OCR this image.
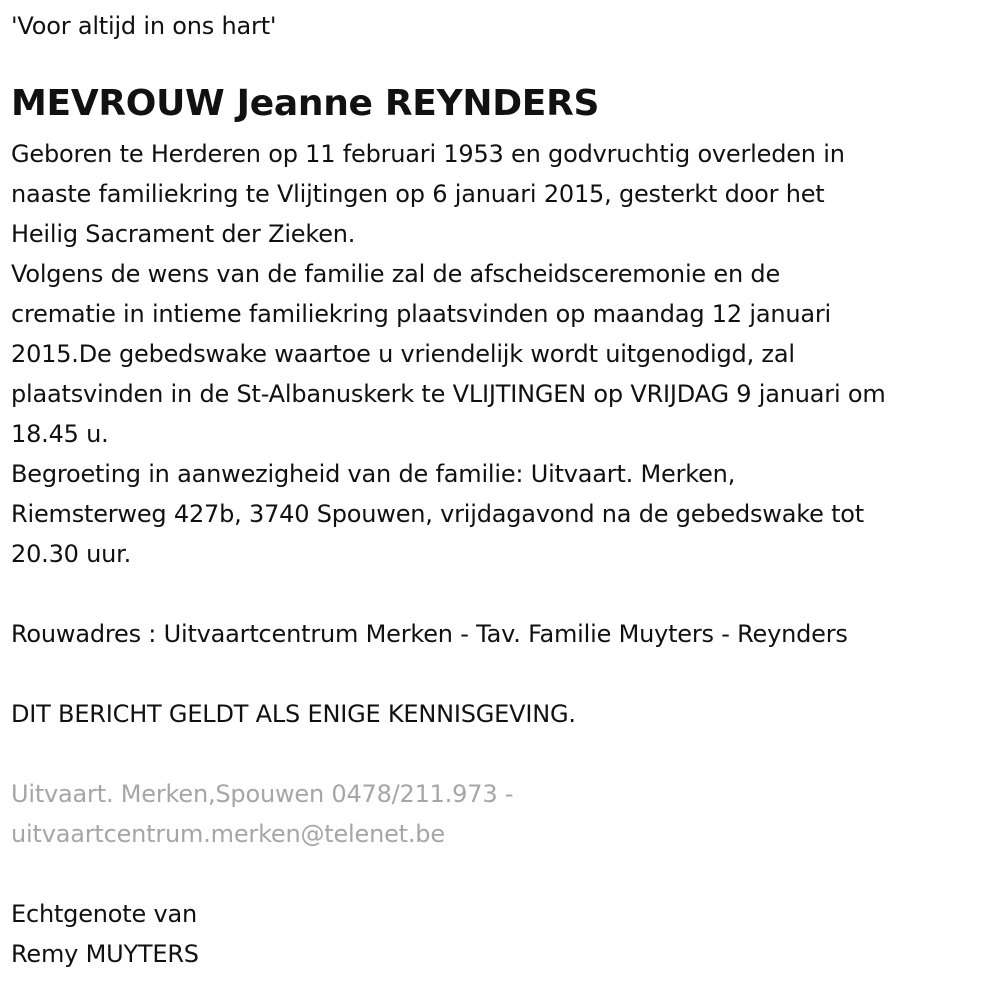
'Voor altijd in ons hart'
MEVROUW Jeanne REYNDERS
Geboren te Herderen op 11 februari 1953 en godvruchtig overleden in
naaste familiekring te Vlijtingen op 6 januari 2015, gesterkt door het
Heilig Sacrament der Zieken.
Volgens de wens van de familie zal de afscheidsceremonie en de
crematie in intieme familiekring plaatsvinden op maandag 12 januari
2015.De gebedswake waartoe u vriendelijk wordt uitgenodigd, zal
plaatsvinden in de St-Albanuskerk te VLIJTINGEN op VRIJDAG 9 januari om
18.45 u.
Begroeting in aanwezigheid van de familie: Uitvaart. Merken,
Riemsterweg 427b, 3740 Spouwen, vrijdagavond na de gebedswake tot
20.30 uur.
Rouwadres : Uitvaartcentrum Merken - Tav. Familie Muyters - Reynders
DIT BERICHT GELDT ALS ENIGE KENNISGEVING.
Uitvaart. Merken,Spouwen 0478/211.973 -
uitvaartcentrum.merken@telenet.be
Echtgenote van
Remy MUYTERS
